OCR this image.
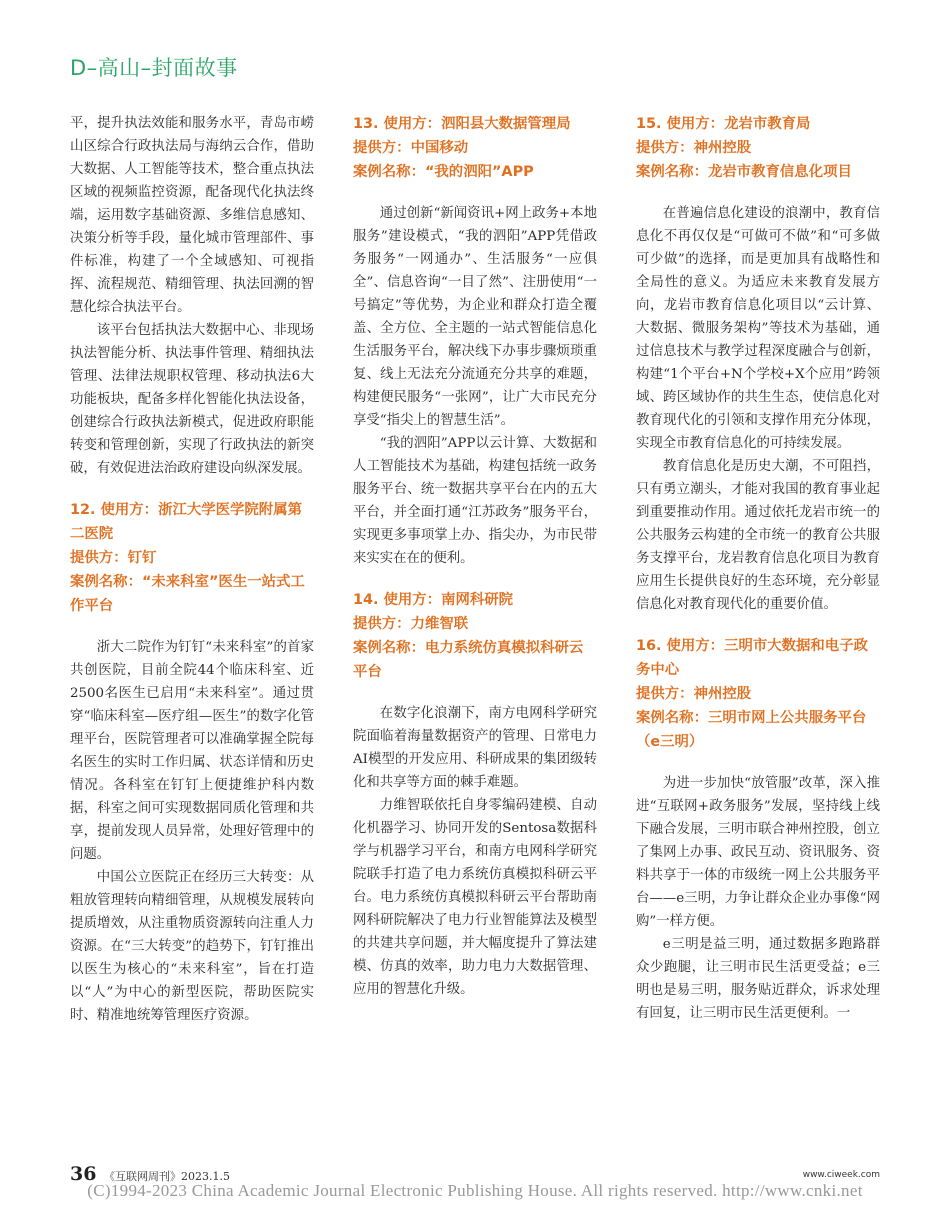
D–高山–封面故事

平，提升执法效能和服务水平，青岛市崂山区综合行政执法局与海纳云合作，借助大数据、人工智能等技术，整合重点执法区域的视频监控资源，配备现代化执法终端，运用数字基础资源、多维信息感知、决策分析等手段，量化城市管理部件、事件标准，构建了一个全域感知、可视指挥、流程规范、精细管理、执法回溯的智慧化综合执法平台。

该平台包括执法大数据中心、非现场执法智能分析、执法事件管理、精细执法管理、法律法规职权管理、移动执法6大功能板块，配备多样化智能化执法设备，创建综合行政执法新模式，促进政府职能转变和管理创新，实现了行政执法的新突破，有效促进法治政府建设向纵深发展。

12. 使用方：浙江大学医学院附属第二医院
提供方：钉钉
案例名称：“未来科室”医生一站式工作平台

浙大二院作为钉钉“未来科室”的首家共创医院，目前全院44个临床科室、近2500名医生已启用“未来科室”。通过贯穿“临床科室—医疗组—医生”的数字化管理平台，医院管理者可以准确掌握全院每名医生的实时工作归属、状态详情和历史情况。各科室在钉钉上便捷维护科内数据，科室之间可实现数据同质化管理和共享，提前发现人员异常，处理好管理中的问题。

中国公立医院正在经历三大转变：从粗放管理转向精细管理，从规模发展转向提质增效，从注重物质资源转向注重人力资源。在“三大转变”的趋势下，钉钉推出以医生为核心的“未来科室”，旨在打造以“人”为中心的新型医院，帮助医院实时、精准地统筹管理医疗资源。

13. 使用方：泗阳县大数据管理局
提供方：中国移动
案例名称：“我的泗阳”APP

通过创新“新闻资讯+网上政务+本地服务”建设模式，“我的泗阳”APP凭借政务服务“一网通办”、生活服务“一应俱全”、信息咨询“一目了然”、注册使用“一号搞定”等优势，为企业和群众打造全覆盖、全方位、全主题的一站式智能信息化生活服务平台，解决线下办事步骤烦琐重复、线上无法充分流通充分共享的难题，构建便民服务“一张网”，让广大市民充分享受“指尖上的智慧生活”。

“我的泗阳”APP以云计算、大数据和人工智能技术为基础，构建包括统一政务服务平台、统一数据共享平台在内的五大平台，并全面打通“江苏政务”服务平台，实现更多事项掌上办、指尖办，为市民带来实实在在的便利。

14. 使用方：南网科研院
提供方：力维智联
案例名称：电力系统仿真模拟科研云平台

在数字化浪潮下，南方电网科学研究院面临着海量数据资产的管理、日常电力AI模型的开发应用、科研成果的集团级转化和共享等方面的棘手难题。

力维智联依托自身零编码建模、自动化机器学习、协同开发的Sentosa数据科学与机器学习平台，和南方电网科学研究院联手打造了电力系统仿真模拟科研云平台。电力系统仿真模拟科研云平台帮助南网科研院解决了电力行业智能算法及模型的共建共享问题，并大幅度提升了算法建模、仿真的效率，助力电力大数据管理、应用的智慧化升级。

15. 使用方：龙岩市教育局
提供方：神州控股
案例名称：龙岩市教育信息化项目

在普遍信息化建设的浪潮中，教育信息化不再仅仅是“可做可不做”和“可多做可少做”的选择，而是更加具有战略性和全局性的意义。为适应未来教育发展方向，龙岩市教育信息化项目以“云计算、大数据、微服务架构”等技术为基础，通过信息技术与教学过程深度融合与创新，构建“1个平台+N个学校+X个应用”跨领域、跨区域协作的共生生态，使信息化对教育现代化的引领和支撑作用充分体现，实现全市教育信息化的可持续发展。

教育信息化是历史大潮，不可阻挡，只有勇立潮头，才能对我国的教育事业起到重要推动作用。通过依托龙岩市统一的公共服务云构建的全市统一的教育公共服务支撑平台，龙岩教育信息化项目为教育应用生长提供良好的生态环境，充分彰显信息化对教育现代化的重要价值。

16. 使用方：三明市大数据和电子政务中心
提供方：神州控股
案例名称：三明市网上公共服务平台（e三明）

为进一步加快“放管服”改革，深入推进“互联网+政务服务”发展，坚持线上线下融合发展，三明市联合神州控股，创立了集网上办事、政民互动、资讯服务、资料共享于一体的市级统一网上公共服务平台——e三明，力争让群众企业办事像“网购”一样方便。

e三明是益三明，通过数据多跑路群众少跑腿，让三明市民生活更受益；e三明也是易三明，服务贴近群众，诉求处理有回复，让三明市民生活更便利。一

36 《互联网周刊》2023.1.5	www.ciweek.com
(C)1994-2023 China Academic Journal Electronic Publishing House. All rights reserved. http://www.cnki.net
